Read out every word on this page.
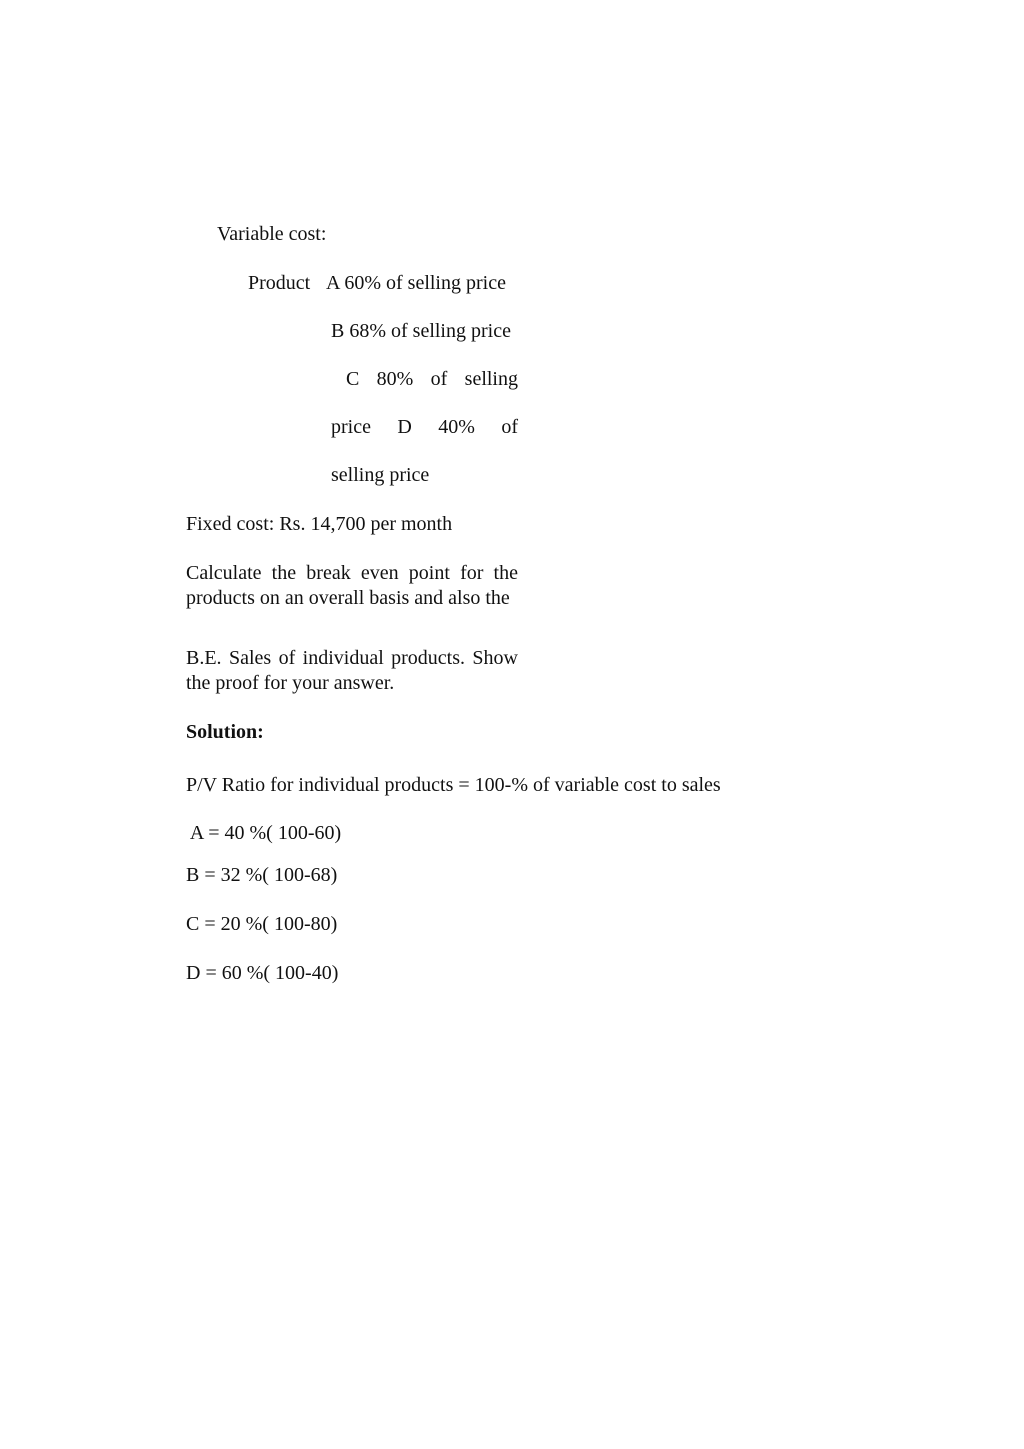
Variable cost:
Product A 60% of selling price
B 68% of selling price
C 80% of selling
price D 40% of
selling price
Fixed cost: Rs. 14,700 per month
Calculate the break even point for the products on an overall basis and also the
B.E. Sales of individual products. Show the proof for your answer.
Solution:
P/V Ratio for individual products = 100-% of variable cost to sales
A = 40 %( 100-60)
B = 32 %( 100-68)
C = 20 %( 100-80)
D = 60 %( 100-40)
